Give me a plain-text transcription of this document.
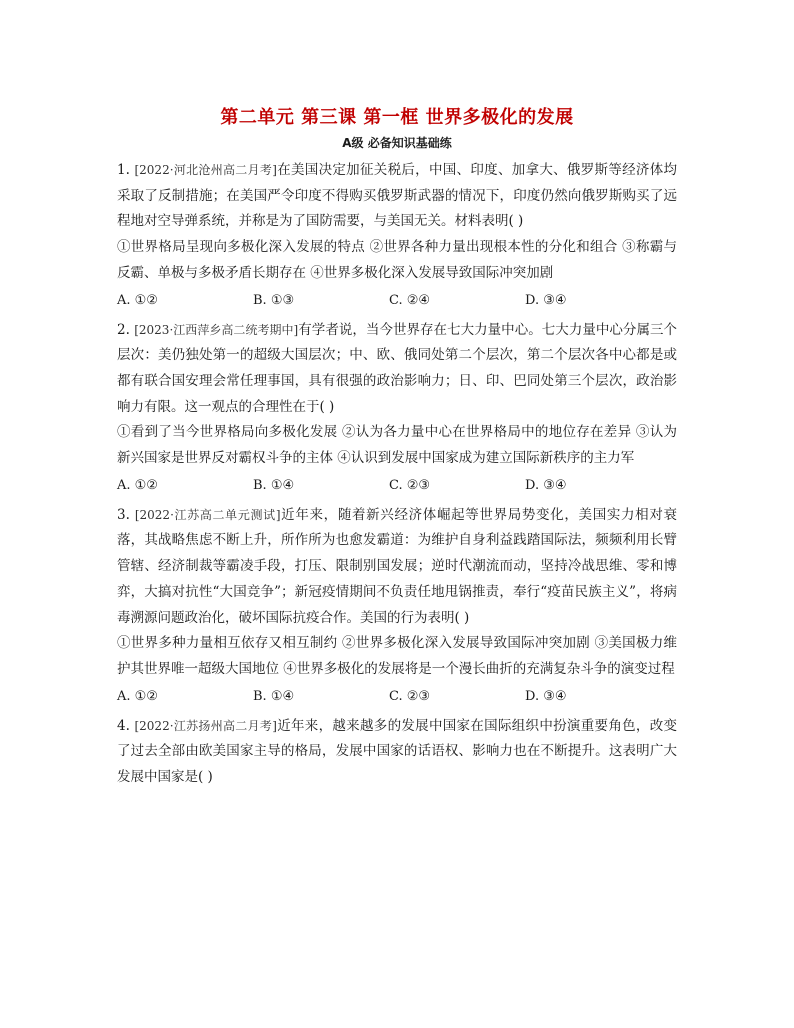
第二单元 第三课 第一框 世界多极化的发展
A级 必备知识基础练

1. [2022·河北沧州高二月考]在美国决定加征关税后，中国、印度、加拿大、俄罗斯等经济体均采取了反制措施；在美国严令印度不得购买俄罗斯武器的情况下，印度仍然向俄罗斯购买了远程地对空导弹系统，并称是为了国防需要，与美国无关。材料表明( )

①世界格局呈现向多极化深入发展的特点 ②世界各种力量出现根本性的分化和组合 ③称霸与反霸、单极与多极矛盾长期存在 ④世界多极化深入发展导致国际冲突加剧

A. ①②	B. ①③	C. ②④	D. ③④

2. [2023·江西萍乡高二统考期中]有学者说，当今世界存在七大力量中心。七大力量中心分属三个层次：美仍独处第一的超级大国层次；中、欧、俄同处第二个层次，第二个层次各中心都是或都有联合国安理会常任理事国，具有很强的政治影响力；日、印、巴同处第三个层次，政治影响力有限。这一观点的合理性在于( )

①看到了当今世界格局向多极化发展 ②认为各力量中心在世界格局中的地位存在差异 ③认为新兴国家是世界反对霸权斗争的主体 ④认识到发展中国家成为建立国际新秩序的主力军

A. ①②	B. ①④	C. ②③	D. ③④

3. [2022·江苏高二单元测试]近年来，随着新兴经济体崛起等世界局势变化，美国实力相对衰落，其战略焦虑不断上升，所作所为也愈发霸道：为维护自身利益践踏国际法，频频利用长臂管辖、经济制裁等霸凌手段，打压、限制别国发展；逆时代潮流而动，坚持冷战思维、零和博弈，大搞对抗性“大国竞争”；新冠疫情期间不负责任地甩锅推责，奉行“疫苗民族主义”，将病毒溯源问题政治化，破坏国际抗疫合作。美国的行为表明( )

①世界多种力量相互依存又相互制约 ②世界多极化深入发展导致国际冲突加剧 ③美国极力维护其世界唯一超级大国地位 ④世界多极化的发展将是一个漫长曲折的充满复杂斗争的演变过程

A. ①②	B. ①④	C. ②③	D. ③④

4. [2022·江苏扬州高二月考]近年来，越来越多的发展中国家在国际组织中扮演重要角色，改变了过去全部由欧美国家主导的格局，发展中国家的话语权、影响力也在不断提升。这表明广大发展中国家是( )
